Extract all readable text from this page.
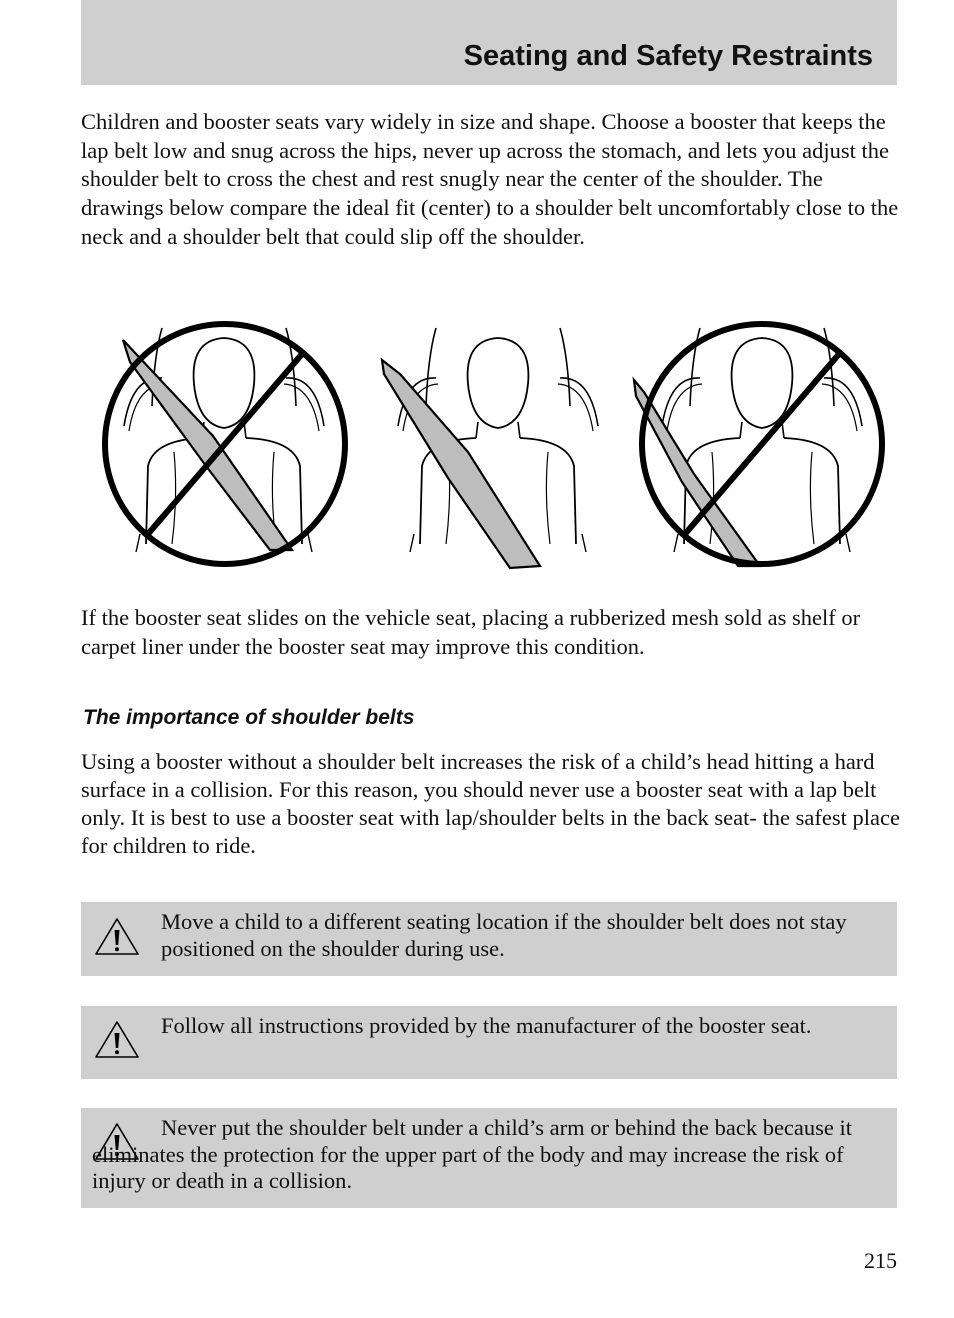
Seating and Safety Restraints

Children and booster seats vary widely in size and shape. Choose a booster that keeps the lap belt low and snug across the hips, never up across the stomach, and lets you adjust the shoulder belt to cross the chest and rest snugly near the center of the shoulder. The drawings below compare the ideal fit (center) to a shoulder belt uncomfortably close to the neck and a shoulder belt that could slip off the shoulder.

If the booster seat slides on the vehicle seat, placing a rubberized mesh sold as shelf or carpet liner under the booster seat may improve this condition.

The importance of shoulder belts

Using a booster without a shoulder belt increases the risk of a child’s head hitting a hard surface in a collision. For this reason, you should never use a booster seat with a lap belt only. It is best to use a booster seat with lap/shoulder belts in the back seat- the safest place for children to ride.

Move a child to a different seating location if the shoulder belt does not stay positioned on the shoulder during use.
Follow all instructions provided by the manufacturer of the booster seat.
Never put the shoulder belt under a child’s arm or behind the back because it eliminates the protection for the upper part of the body and may increase the risk of injury or death in a collision.
215
